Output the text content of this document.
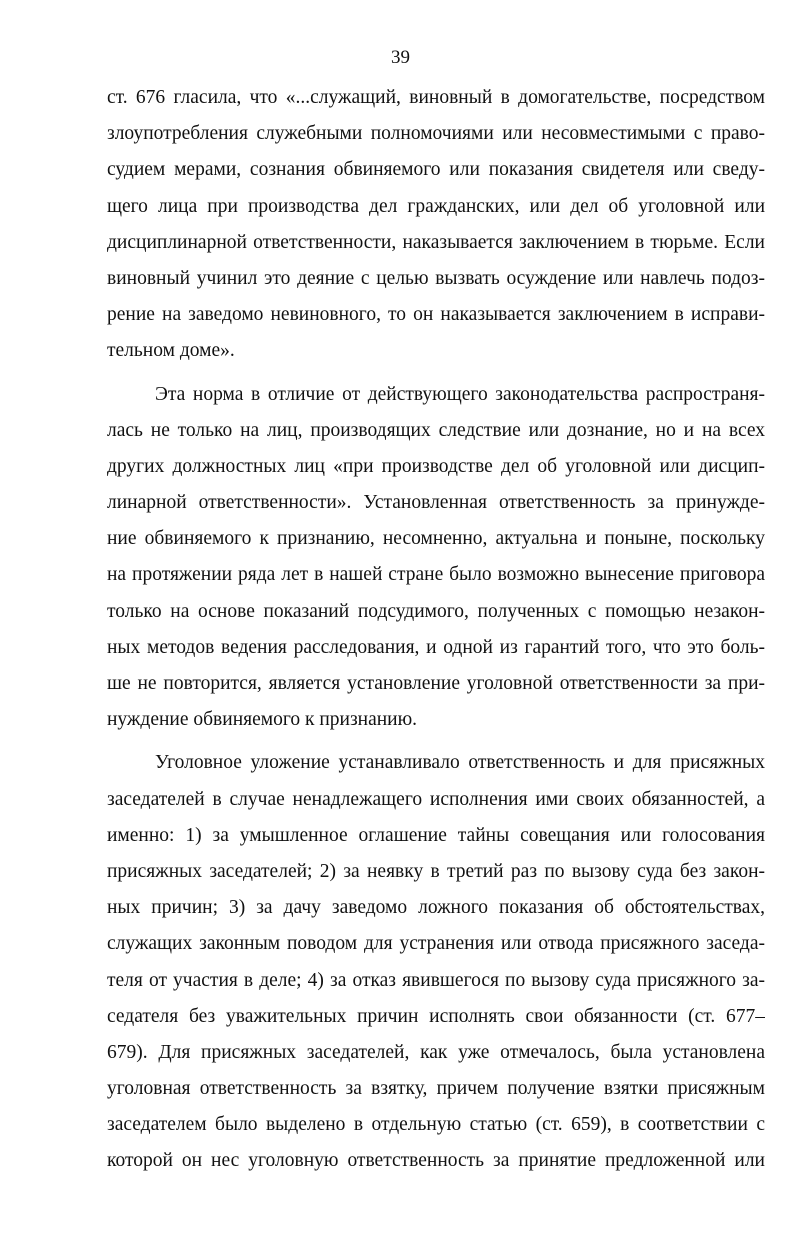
39
ст. 676 гласила, что «...служащий, виновный в домогательстве, посредством
злоупотребления служебными полномочиями или несовместимыми с право-
судием мерами, сознания обвиняемого или показания свидетеля или сведу-
щего лица при производства дел гражданских, или дел об уголовной или
дисциплинарной ответственности, наказывается заключением в тюрьме. Если
виновный учинил это деяние с целью вызвать осуждение или навлечь подоз-
рение на заведомо невиновного, то он наказывается заключением в исправи-
тельном доме».
Эта норма в отличие от действующего законодательства распространя-
лась не только на лиц, производящих следствие или дознание, но и на всех
других должностных лиц «при производстве дел об уголовной или дисцип-
линарной ответственности». Установленная ответственность за принужде-
ние обвиняемого к признанию, несомненно, актуальна и поныне, поскольку
на протяжении ряда лет в нашей стране было возможно вынесение приговора
только на основе показаний подсудимого, полученных с помощью незакон-
ных методов ведения расследования, и одной из гарантий того, что это боль-
ше не повторится, является установление уголовной ответственности за при-
нуждение обвиняемого к признанию.
Уголовное уложение устанавливало ответственность и для присяжных
заседателей в случае ненадлежащего исполнения ими своих обязанностей, а
именно: 1) за умышленное оглашение тайны совещания или голосования
присяжных заседателей; 2) за неявку в третий раз по вызову суда без закон-
ных причин; 3) за дачу заведомо ложного показания об обстоятельствах,
служащих законным поводом для устранения или отвода присяжного заседа-
теля от участия в деле; 4) за отказ явившегося по вызову суда присяжного за-
седателя без уважительных причин исполнять свои обязанности (ст. 677–
679). Для присяжных заседателей, как уже отмечалось, была установлена
уголовная ответственность за взятку, причем получение взятки присяжным
заседателем было выделено в отдельную статью (ст. 659), в соответствии с
которой он нес уголовную ответственность за принятие предложенной или
